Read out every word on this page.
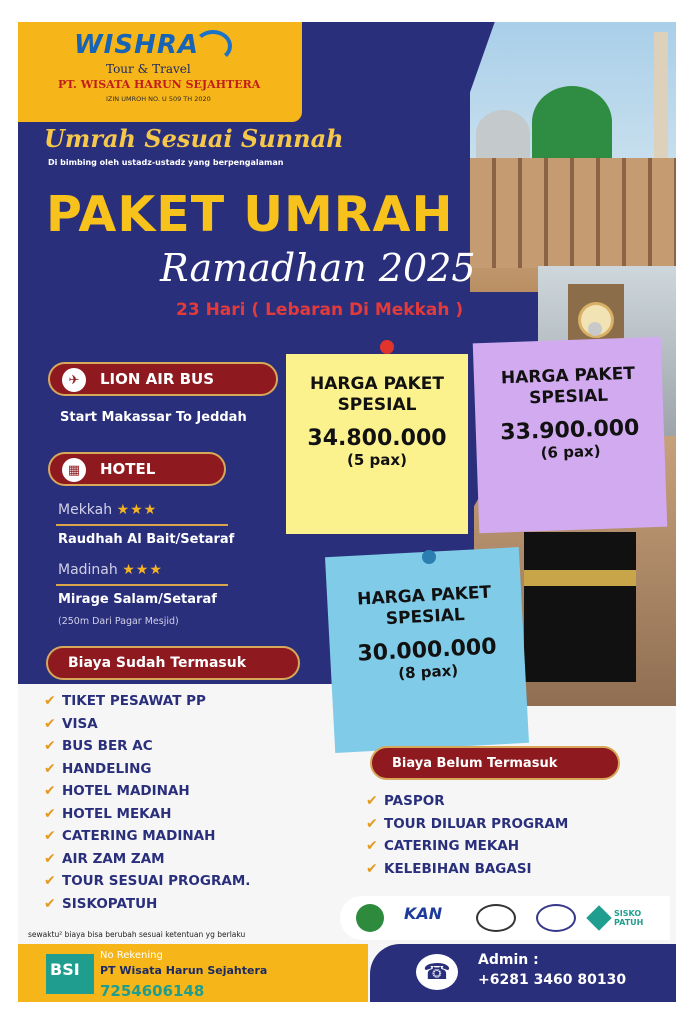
WISHRA
Tour & Travel
PT. WISATA HARUN SEJAHTERA
IZIN UMROH NO. U 509 TH 2020
Umrah Sesuai Sunnah
Di bimbing oleh ustadz-ustadz yang berpengalaman
PAKET UMRAH
Ramadhan 2025
23 Hari ( Lebaran Di Mekkah )
✈	LION AIR BUS
Start Makassar To Jeddah
▦	HOTEL
Mekkah ★★★
Raudhah Al Bait/Setaraf
Madinah ★★★
Mirage Salam/Setaraf
(250m Dari Pagar Mesjid)
HARGA PAKET
SPESIAL
34.800.000
(5 pax)
HARGA PAKET
SPESIAL
33.900.000
(6 pax)
HARGA PAKET
SPESIAL
30.000.000
(8 pax)
Biaya Sudah Termasuk
✔ TIKET PESAWAT PP
✔ VISA
✔ BUS BER AC
✔ HANDELING
✔ HOTEL MADINAH
✔ HOTEL MEKAH
✔ CATERING MADINAH
✔ AIR ZAM ZAM
✔ TOUR SESUAI PROGRAM.
✔ SISKOPATUH
Biaya Belum Termasuk
✔ PASPOR
✔ TOUR DILUAR PROGRAM
✔ CATERING MEKAH
✔ KELEBIHAN BAGASI
KAN	SISKO
PATUH
sewaktu² biaya bisa berubah sesuai ketentuan yg berlaku
BSI
No Rekening
PT Wisata Harun Sejahtera
7254606148
☎	Admin :
+6281 3460 80130
